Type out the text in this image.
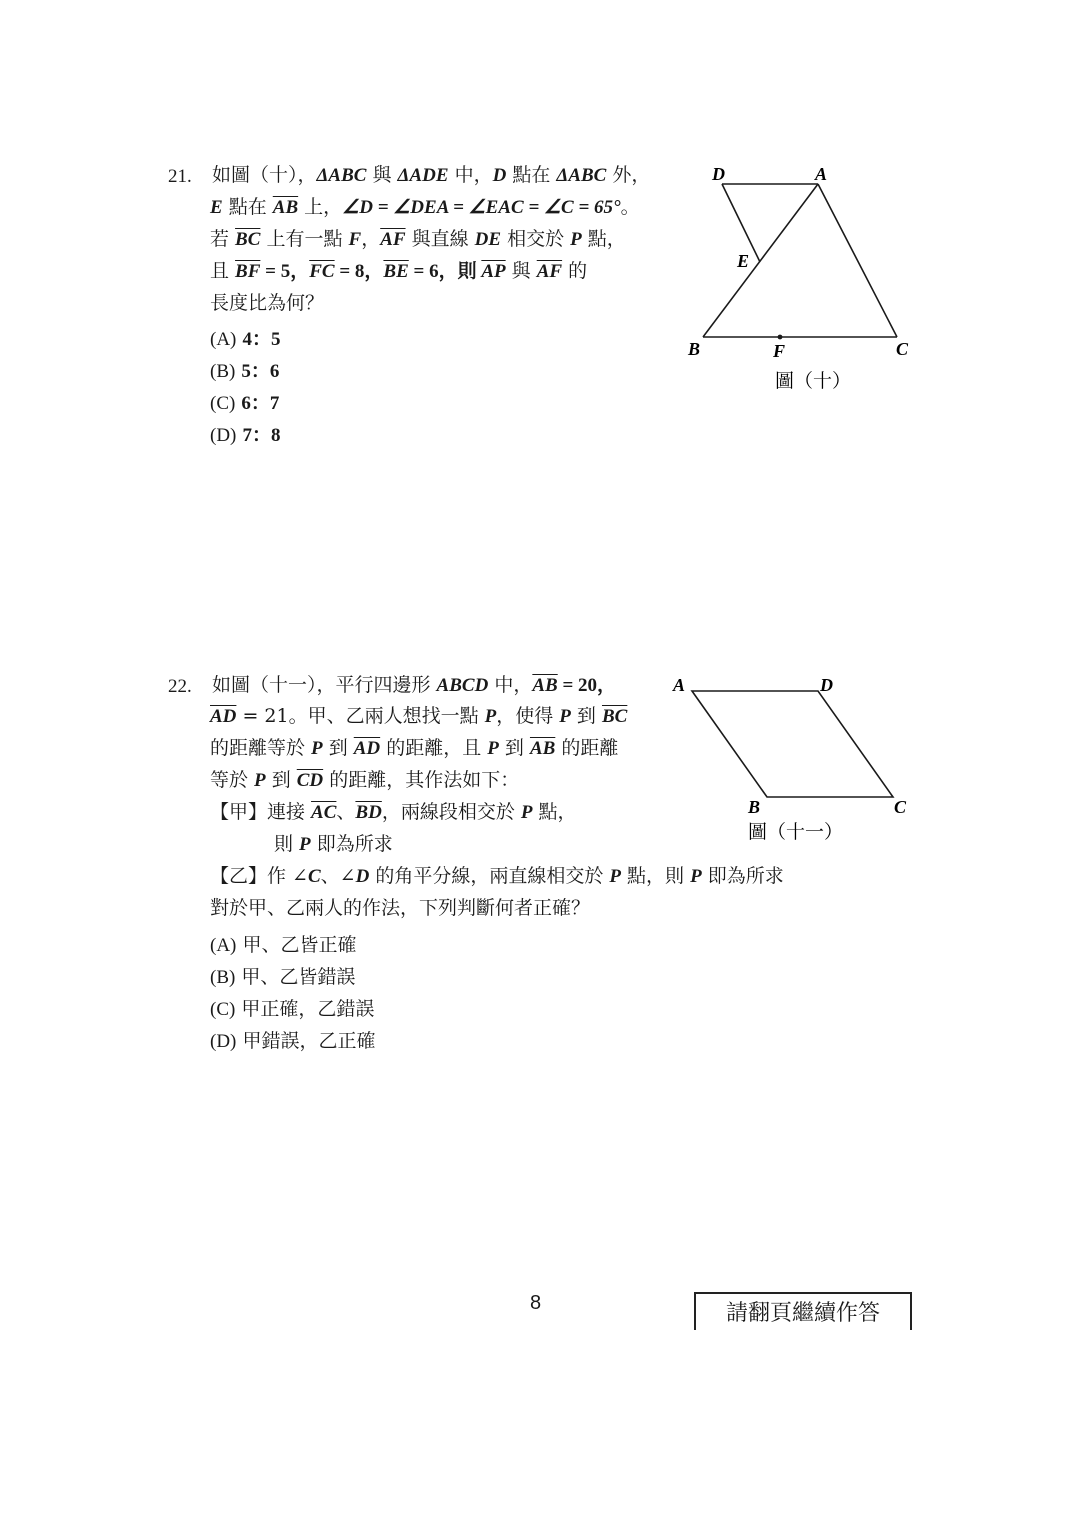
21. 如圖（十），ΔABC 與 ΔADE 中，D 點在 ΔABC 外，
E 點在 $\overline{AB}$ 上，∠D = ∠DEA = ∠EAC = ∠C = 65°。
若 $\overline{BC}$ 上有一點 F，$\overline{AF}$ 與直線 DE 相交於 P 點，
且 $\overline{BF} = 5$，$\overline{FC} = 8$，$\overline{BE} = 6$，則 $\overline{AP}$ 與 $\overline{AF}$ 的
長度比為何？
(A) 4：5
(B) 5：6
(C) 6：7
(D) 7：8
D	A
E
B	F	C
圖（十）
22. 如圖（十一），平行四邊形 ABCD 中，$\overline{AB} = 20$，
$\overline{AD} = 21$。甲、乙兩人想找一點 P，使得 P 到 $\overline{BC}$
的距離等於 P 到 $\overline{AD}$ 的距離，且 P 到 $\overline{AB}$ 的距離
等於 P 到 $\overline{CD}$ 的距離，其作法如下：
【甲】連接 $\overline{AC}$、$\overline{BD}$，兩線段相交於 P 點，
則 P 即為所求
【乙】作 ∠C、∠D 的角平分線，兩直線相交於 P 點，則 P 即為所求
對於甲、乙兩人的作法，下列判斷何者正確？
(A) 甲、乙皆正確
(B) 甲、乙皆錯誤
(C) 甲正確，乙錯誤
(D) 甲錯誤，乙正確
A	D
B	C
圖（十一）
8	請翻頁繼續作答
